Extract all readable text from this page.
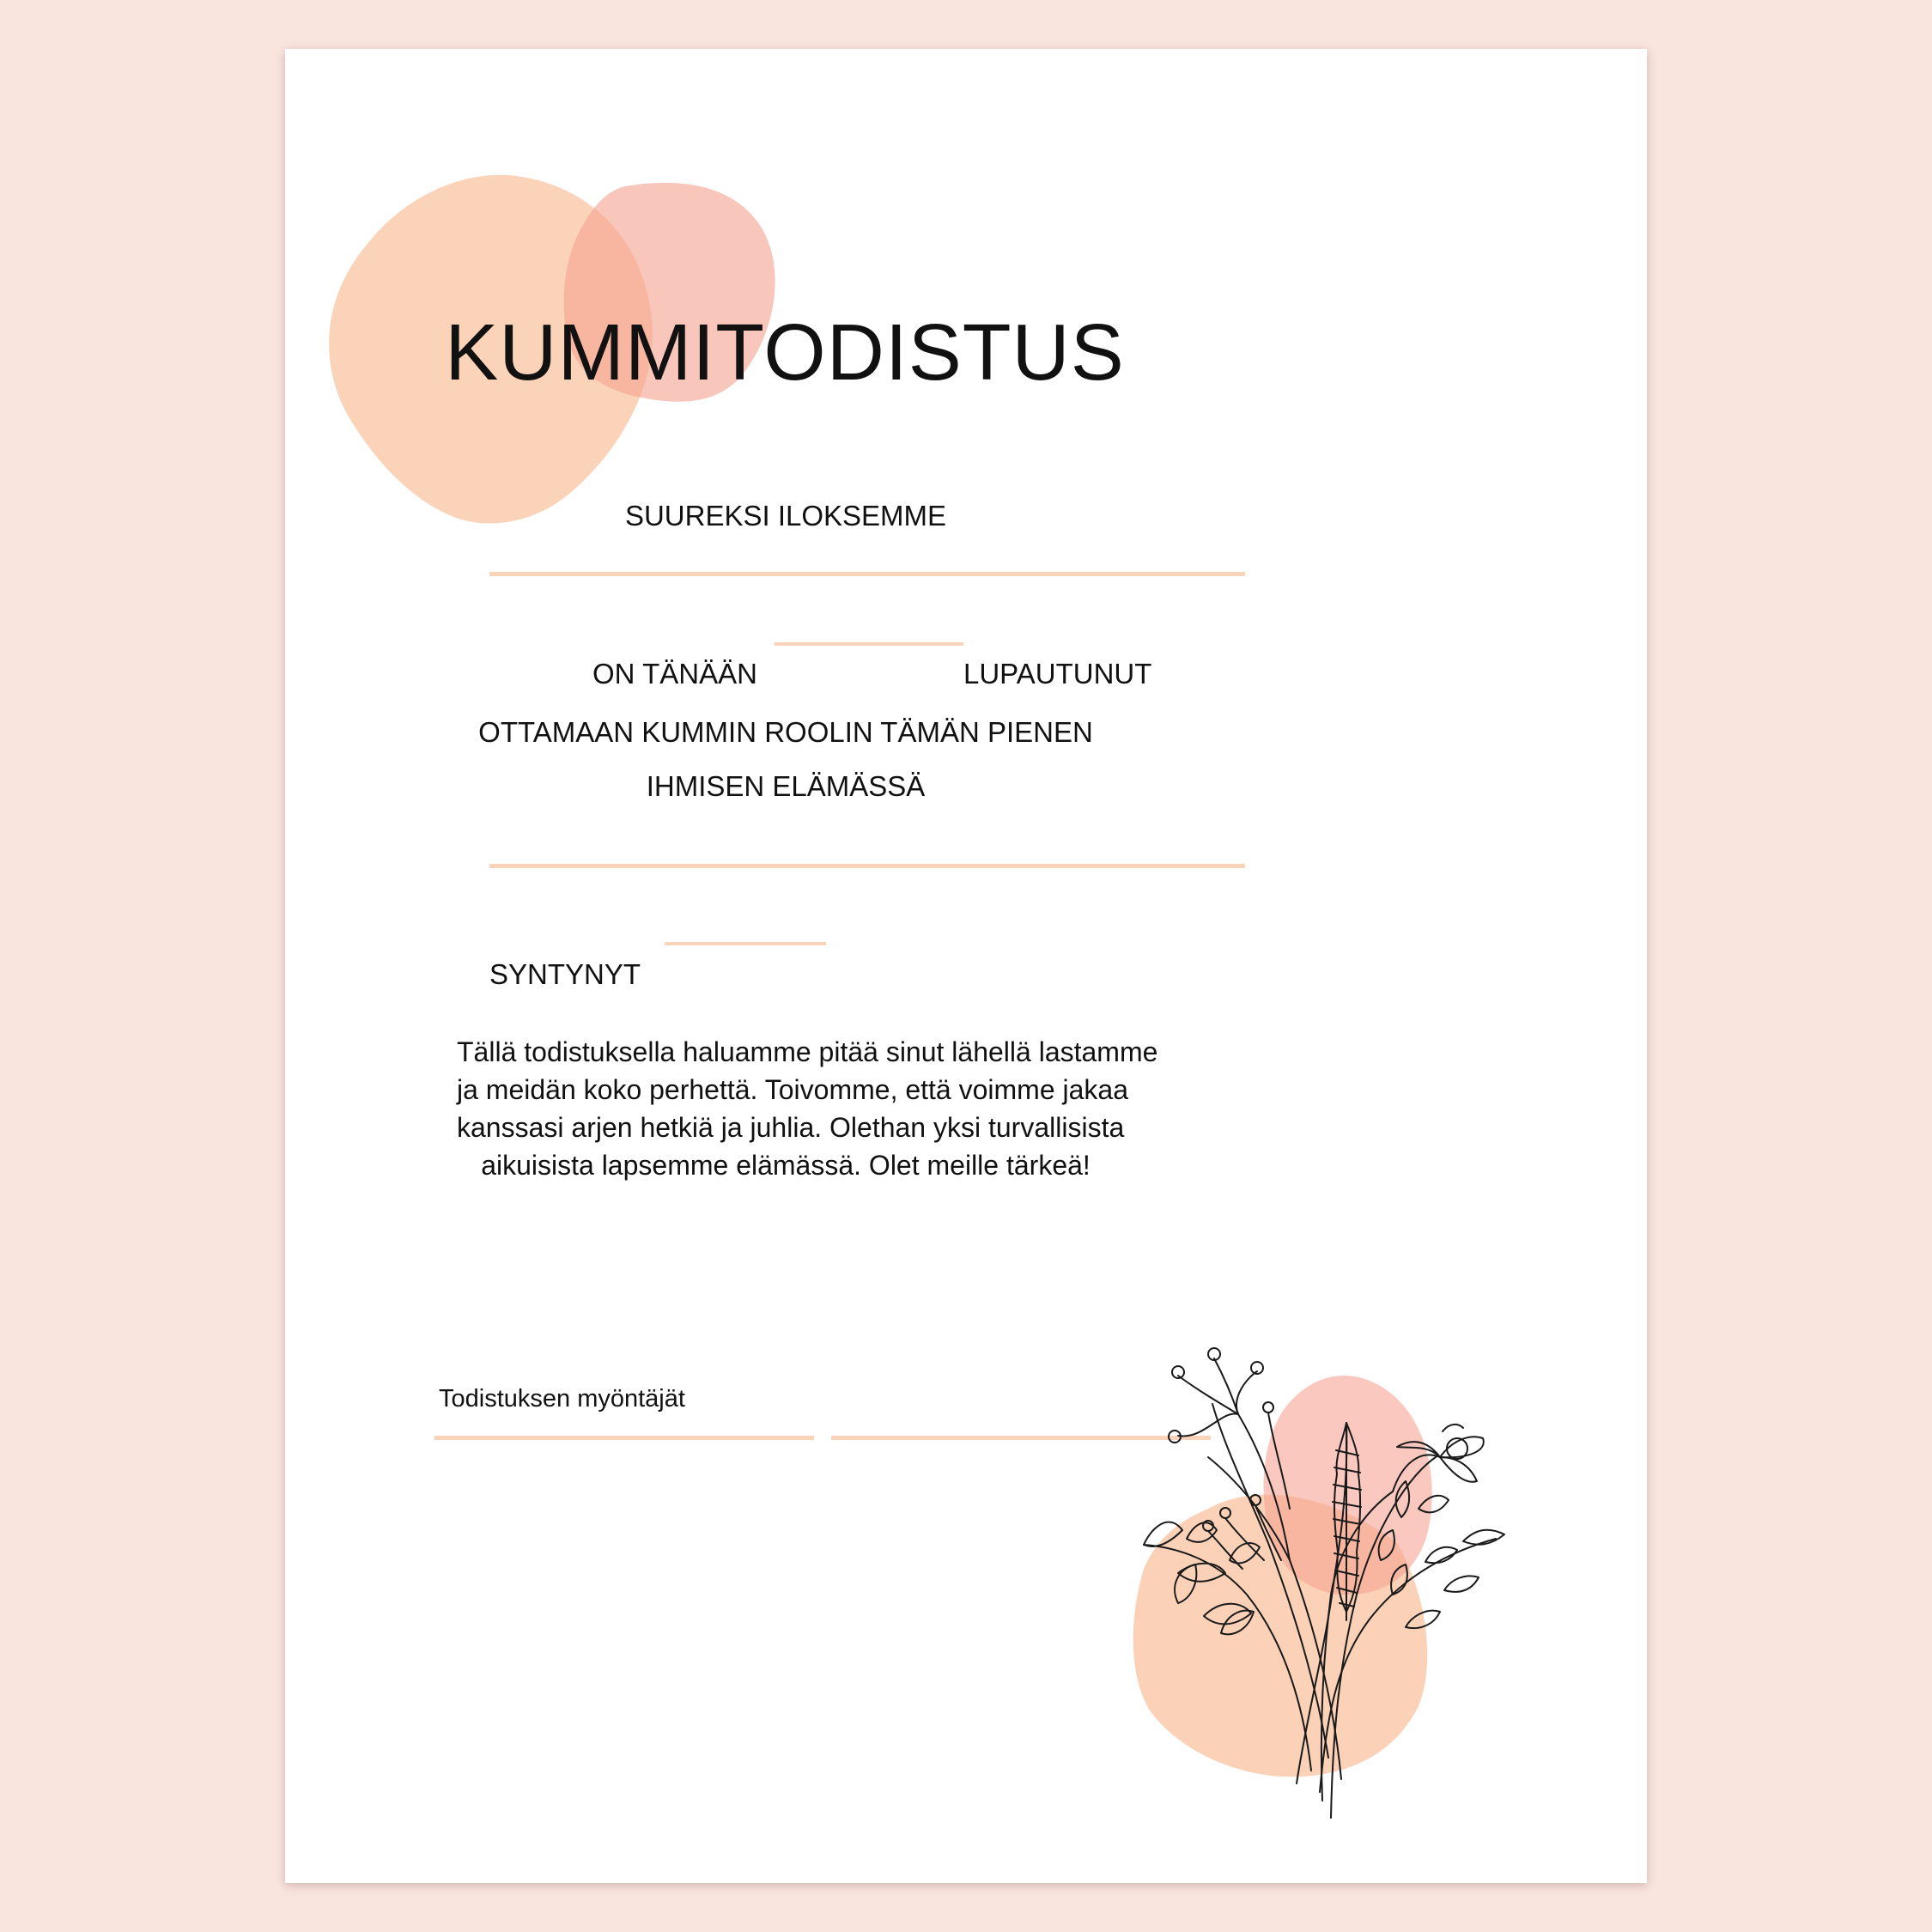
KUMMITODISTUS
SUUREKSI ILOKSEMME
ON TÄNÄÄN	LUPAUTUNUT
OTTAMAAN KUMMIN ROOLIN TÄMÄN PIENEN
IHMISEN ELÄMÄSSÄ
SYNTYNYT
Tällä todistuksella haluamme pitää sinut lähellä lastamme
ja meidän koko perhettä. Toivomme, että voimme jakaa
kanssasi arjen hetkiä ja juhlia. Olethan yksi turvallisista
aikuisista lapsemme elämässä. Olet meille tärkeä!
Todistuksen myöntäjät
